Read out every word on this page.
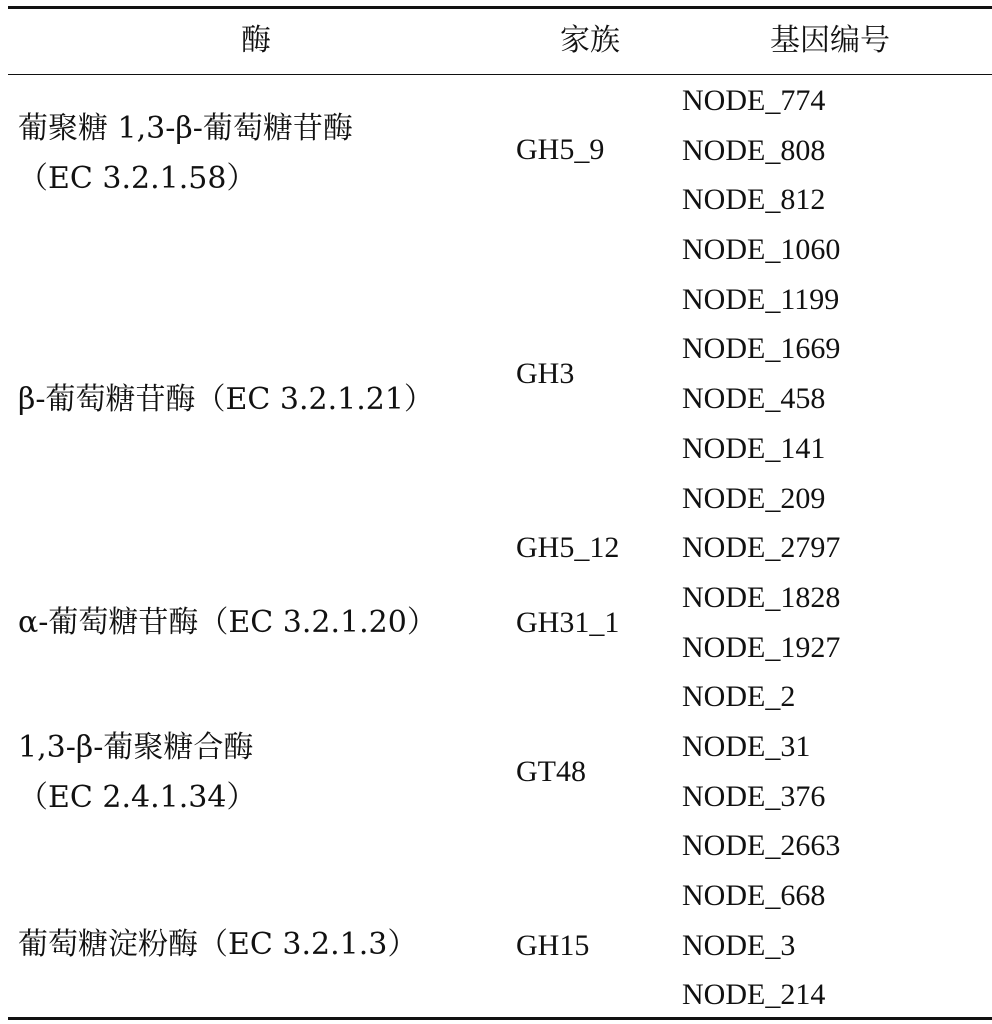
酶	家族	基因编号
葡聚糖 1,3-β-葡萄糖苷酶
（EC 3.2.1.58）
β-葡萄糖苷酶（EC 3.2.1.21）
α-葡萄糖苷酶（EC 3.2.1.20）
1,3-β-葡聚糖合酶
（EC 2.4.1.34）
葡萄糖淀粉酶（EC 3.2.1.3）
GH5_9
GH3
GH5_12
GH31_1
GT48
GH15
NODE_774
NODE_808
NODE_812
NODE_1060
NODE_1199
NODE_1669
NODE_458
NODE_141
NODE_209
NODE_2797
NODE_1828
NODE_1927
NODE_2
NODE_31
NODE_376
NODE_2663
NODE_668
NODE_3
NODE_214
